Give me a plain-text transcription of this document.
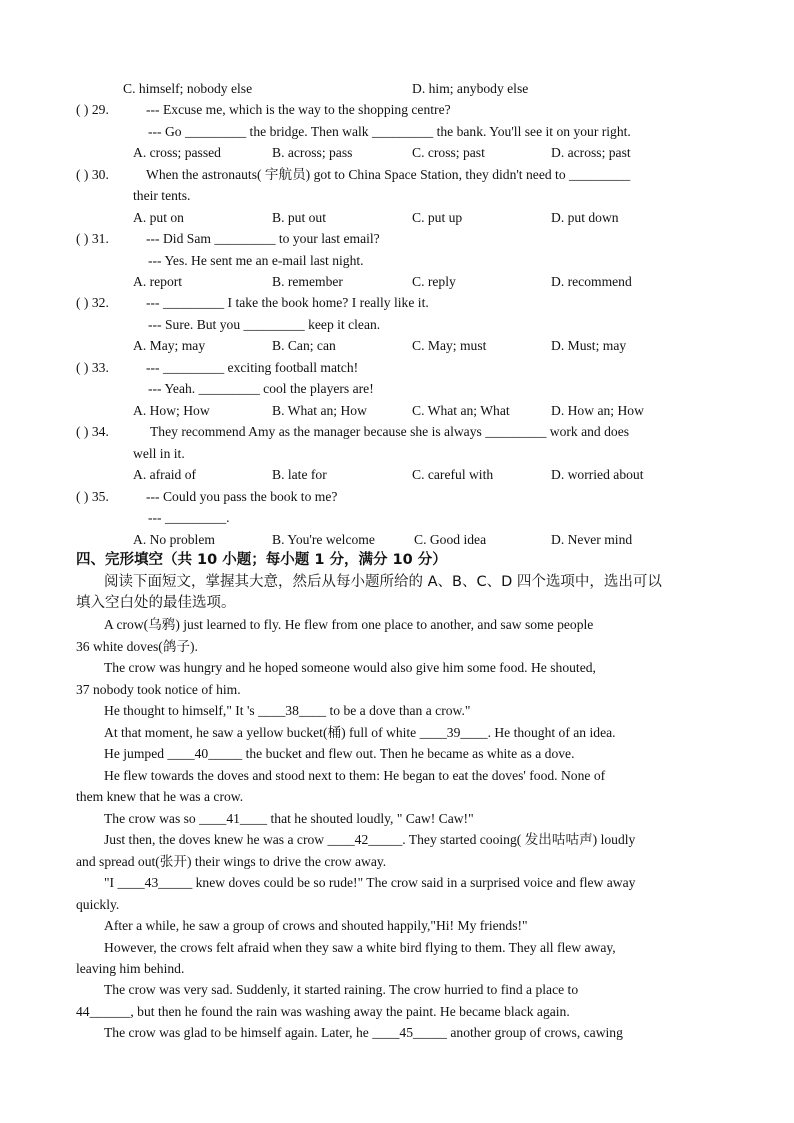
C. himself; nobody else	D. him; anybody else
( ) 29.	--- Excuse me, which is the way to the shopping centre?
--- Go _________ the bridge. Then walk _________ the bank. You'll see it on your right.
A. cross; passed	B. across; pass	C. cross; past	D. across; past
( ) 30.	When the astronauts( 宇航员) got to China Space Station, they didn't need to _________
their tents.
A. put on	B. put out	C. put up	D. put down
( ) 31.	--- Did Sam _________ to your last email?
--- Yes. He sent me an e-mail last night.
A. report	B. remember	C. reply	D. recommend
( ) 32.	--- _________ I take the book home? I really like it.
--- Sure. But you _________ keep it clean.
A. May; may	B. Can; can	C. May; must	D. Must; may
( ) 33.	--- _________ exciting football match!
--- Yeah. _________ cool the players are!
A. How; How	B. What an; How	C. What an; What	D. How an; How
( ) 34.	They recommend Amy as the manager because she is always _________ work and does
well in it.
A. afraid of	B. late for	C. careful with	D. worried about
( ) 35.	--- Could you pass the book to me?
--- _________.
A. No problem	B. You're welcome	C. Good idea	D. Never mind
四、完形填空（共 10 小题；每小题 1 分，满分 10 分）
阅读下面短文，掌握其大意，然后从每小题所给的 A、B、C、D 四个选项中，选出可以
填入空白处的最佳选项。
A crow(乌鸦) just learned to fly. He flew from one place to another, and saw some people
36 white doves(鸽子).
The crow was hungry and he hoped someone would also give him some food. He shouted,
37 nobody took notice of him.
He thought to himself," It 's ____38____ to be a dove than a crow."
At that moment, he saw a yellow bucket(桶) full of white ____39____. He thought of an idea.
He jumped ____40_____ the bucket and flew out. Then he became as white as a dove.
He flew towards the doves and stood next to them: He began to eat the doves' food. None of
them knew that he was a crow.
The crow was so ____41____ that he shouted loudly, " Caw! Caw!"
Just then, the doves knew he was a crow ____42_____. They started cooing( 发出咕咕声) loudly
and spread out(张开) their wings to drive the crow away.
"I ____43_____ knew doves could be so rude!" The crow said in a surprised voice and flew away
quickly.
After a while, he saw a group of crows and shouted happily,"Hi! My friends!"
However, the crows felt afraid when they saw a white bird flying to them. They all flew away,
leaving him behind.
The crow was very sad. Suddenly, it started raining. The crow hurried to find a place to
44______, but then he found the rain was washing away the paint. He became black again.
The crow was glad to be himself again. Later, he ____45_____ another group of crows, cawing
